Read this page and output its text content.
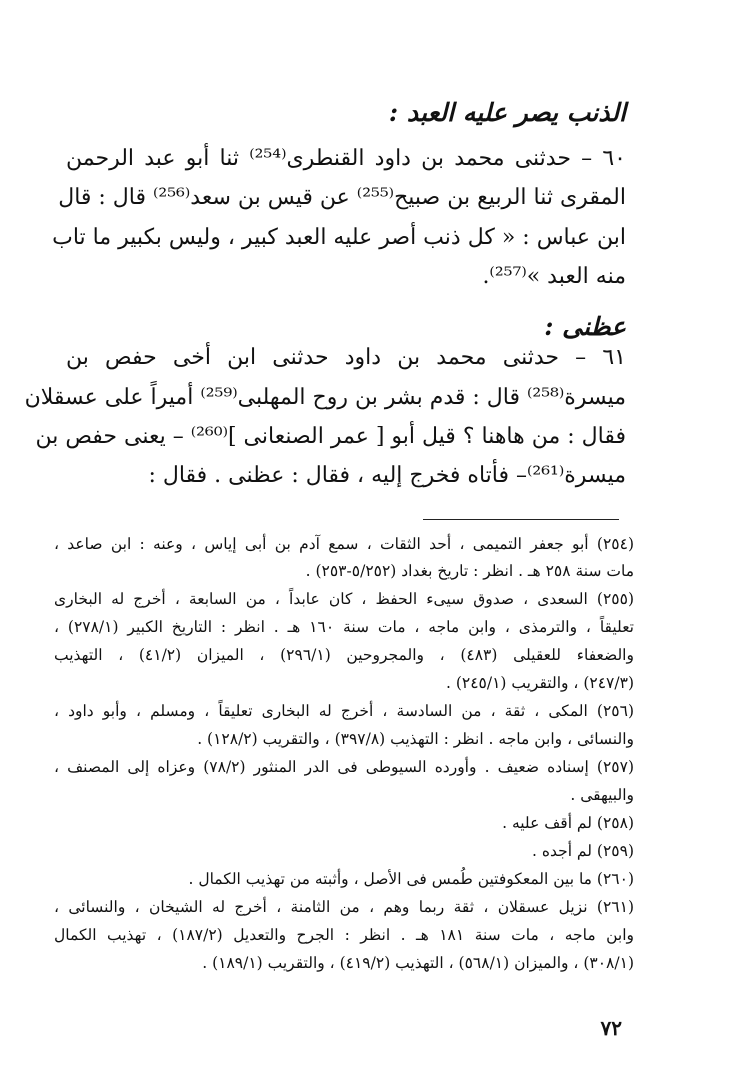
الذنب يصر عليه العبد :
٦٠ – حدثنى محمد بن داود القنطرى⁽²⁵⁴⁾ ثنا أبو عبد الرحمن
المقرى ثنا الربيع بن صبيح⁽²⁵⁵⁾ عن قيس بن سعد⁽²⁵⁶⁾ قال : قال
ابن عباس : « كل ذنب أصر عليه العبد كبير ، وليس بكبير ما تاب
منه العبد »⁽²⁵⁷⁾.
عظنى :
٦١ – حدثنى محمد بن داود حدثنى ابن أخى حفص بن
ميسرة⁽²⁵⁸⁾ قال : قدم بشر بن روح المهلبى⁽²⁵⁹⁾ أميراً على عسقلان
فقال : من هاهنا ؟ قيل أبو [ عمر الصنعانى ]⁽²⁶⁰⁾ – يعنى حفص بن
ميسرة⁽²⁶¹⁾– فأتاه فخرج إليه ، فقال : عظنى . فقال :
(٢٥٤) أبو جعفر التميمى ، أحد الثقات ، سمع آدم بن أبى إياس ، وعنه : ابن صاعد ،
مات سنة ٢٥٨ هـ . انظر : تاريخ بغداد (٥/٢٥٢-٢٥٣) .
(٢٥٥) السعدى ، صدوق سيىء الحفظ ، كان عابداً ، من السابعة ، أخرج له البخارى
تعليقاً ، والترمذى ، وابن ماجه ، مات سنة ١٦٠ هـ . انظر : التاريخ الكبير (٢٧٨/١) ،
والضعفاء للعقيلى (٤٨٣) ، والمجروحين (٢٩٦/١) ، الميزان (٤١/٢) ، التهذيب
(٢٤٧/٣) ، والتقريب (٢٤٥/١) .
(٢٥٦) المكى ، ثقة ، من السادسة ، أخرج له البخارى تعليقاً ، ومسلم ، وأبو داود ،
والنسائى ، وابن ماجه . انظر : التهذيب (٣٩٧/٨) ، والتقريب (١٢٨/٢) .
(٢٥٧) إسناده ضعيف . وأورده السيوطى فى الدر المنثور (٧٨/٢) وعزاه إلى المصنف ،
والبيهقى .
(٢٥٨) لم أقف عليه .
(٢٥٩) لم أجده .
(٢٦٠) ما بين المعكوفتين طُمس فى الأصل ، وأثبته من تهذيب الكمال .
(٢٦١) نزيل عسقلان ، ثقة ربما وهم ، من الثامنة ، أخرج له الشيخان ، والنسائى ،
وابن ماجه ، مات سنة ١٨١ هـ . انظر : الجرح والتعديل (١٨٧/٢) ، تهذيب الكمال
(٣٠٨/١) ، والميزان (٥٦٨/١) ، التهذيب (٤١٩/٢) ، والتقريب (١٨٩/١) .
٧٢
